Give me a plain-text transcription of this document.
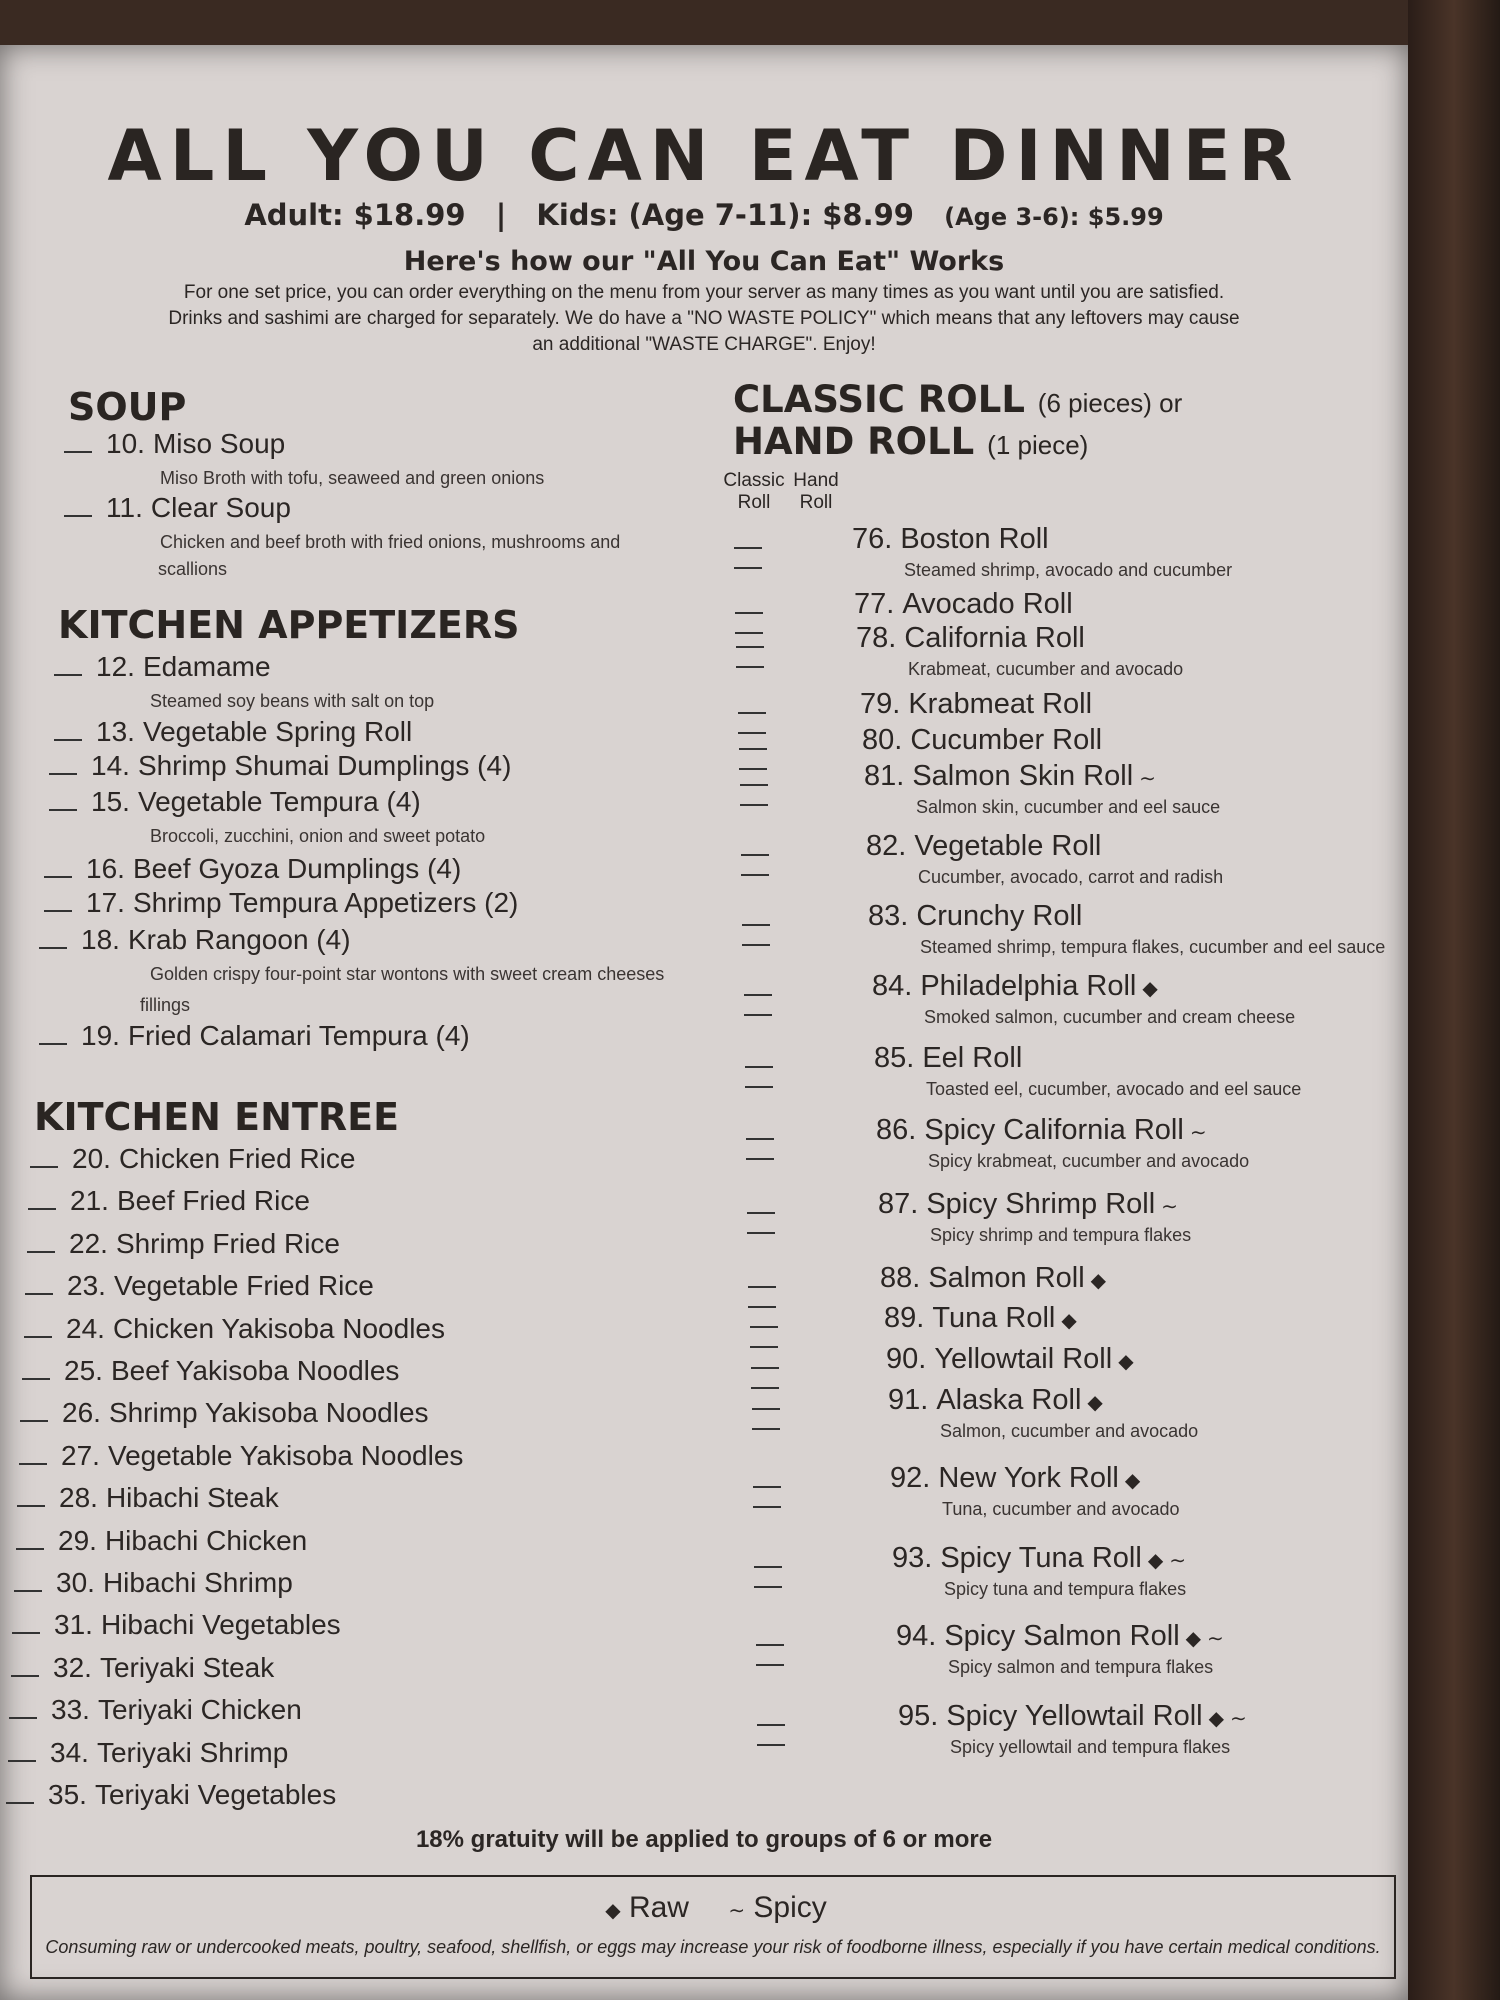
ALL YOU CAN EAT DINNER
Adult: $18.99 | Kids: (Age 7-11): $8.99 (Age 3-6): $5.99
Here's how our "All You Can Eat" Works
For one set price, you can order everything on the menu from your server as many times as you want until you are satisfied.
Drinks and sashimi are charged for separately. We do have a "NO WASTE POLICY" which means that any leftovers may cause
an additional "WASTE CHARGE". Enjoy!
SOUP
10. Miso Soup
Miso Broth with tofu, seaweed and green onions
11. Clear Soup
Chicken and beef broth with fried onions, mushrooms and
scallions
12. Edamame
Steamed soy beans with salt on top
13. Vegetable Spring Roll
14. Shrimp Shumai Dumplings (4)
15. Vegetable Tempura (4)
Broccoli, zucchini, onion and sweet potato
16. Beef Gyoza Dumplings (4)
17. Shrimp Tempura Appetizers (2)
18. Krab Rangoon (4)
Golden crispy four-point star wontons with sweet cream cheeses
fillings
19. Fried Calamari Tempura (4)
20. Chicken Fried Rice
21. Beef Fried Rice
22. Shrimp Fried Rice
23. Vegetable Fried Rice
24. Chicken Yakisoba Noodles
25. Beef Yakisoba Noodles
26. Shrimp Yakisoba Noodles
27. Vegetable Yakisoba Noodles
28. Hibachi Steak
29. Hibachi Chicken
30. Hibachi Shrimp
31. Hibachi Vegetables
32. Teriyaki Steak
33. Teriyaki Chicken
34. Teriyaki Shrimp
35. Teriyaki Vegetables
KITCHEN APPETIZERS
KITCHEN ENTREE
CLASSIC ROLL (6 pieces) or
HAND ROLL (1 piece)
Classic Roll
Hand Roll

76. Boston Roll
Steamed shrimp, avocado and cucumber

77. Avocado Roll

78. California Roll
Krabmeat, cucumber and avocado

79. Krabmeat Roll

80. Cucumber Roll

81. Salmon Skin Roll ∼
Salmon skin, cucumber and eel sauce

82. Vegetable Roll
Cucumber, avocado, carrot and radish

83. Crunchy Roll
Steamed shrimp, tempura flakes, cucumber and eel sauce

84. Philadelphia Roll ◆
Smoked salmon, cucumber and cream cheese

85. Eel Roll
Toasted eel, cucumber, avocado and eel sauce

86. Spicy California Roll ∼
Spicy krabmeat, cucumber and avocado

87. Spicy Shrimp Roll ∼
Spicy shrimp and tempura flakes

88. Salmon Roll ◆

89. Tuna Roll ◆

90. Yellowtail Roll ◆

91. Alaska Roll ◆
Salmon, cucumber and avocado

92. New York Roll ◆
Tuna, cucumber and avocado

93. Spicy Tuna Roll ◆ ∼
Spicy tuna and tempura flakes

94. Spicy Salmon Roll ◆ ∼
Spicy salmon and tempura flakes

95. Spicy Yellowtail Roll ◆ ∼
Spicy yellowtail and tempura flakes
18% gratuity will be applied to groups of 6 or more
◆ Raw ∼ Spicy
Consuming raw or undercooked meats, poultry, seafood, shellfish, or eggs may increase your risk of foodborne illness, especially if you have certain medical conditions.
